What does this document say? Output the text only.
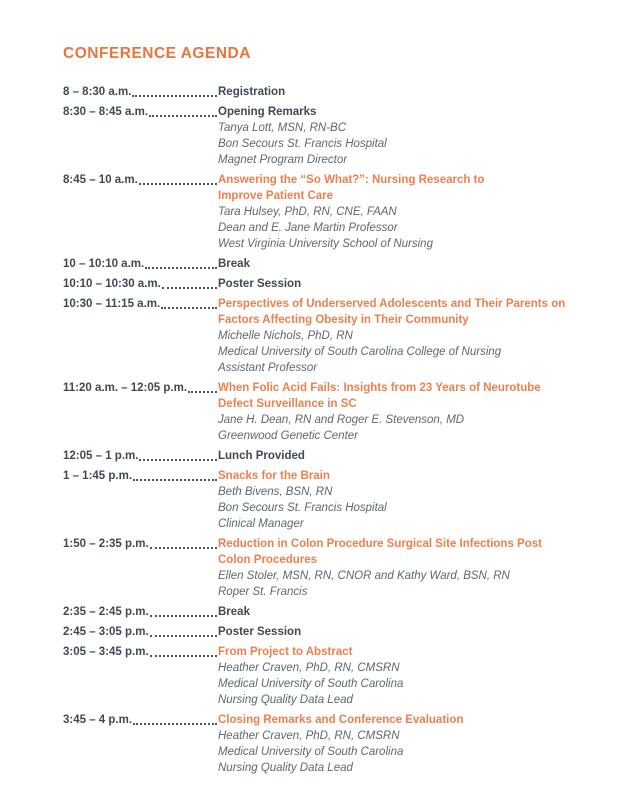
CONFERENCE AGENDA
8 – 8:30 a.m.	Registration
8:30 – 8:45 a.m.	Opening Remarks
Tanya Lott, MSN, RN-BC
Bon Secours St. Francis Hospital
Magnet Program Director
8:45 – 10 a.m.	Answering the “So What?”: Nursing Research to
Improve Patient Care
Tara Hulsey, PhD, RN, CNE, FAAN
Dean and E. Jane Martin Professor
West Virginia University School of Nursing
10 – 10:10 a.m.	Break
10:10 – 10:30 a.m.	Poster Session
10:30 – 11:15 a.m.	Perspectives of Underserved Adolescents and Their Parents on
Factors Affecting Obesity in Their Community
Michelle Nichols, PhD, RN
Medical University of South Carolina College of Nursing
Assistant Professor
11:20 a.m. – 12:05 p.m.	When Folic Acid Fails: Insights from 23 Years of Neurotube
Defect Surveillance in SC
Jane H. Dean, RN and Roger E. Stevenson, MD
Greenwood Genetic Center
12:05 – 1 p.m.	Lunch Provided
1 – 1:45 p.m.	Snacks for the Brain
Beth Bivens, BSN, RN
Bon Secours St. Francis Hospital
Clinical Manager
1:50 – 2:35 p.m.	Reduction in Colon Procedure Surgical Site Infections Post
Colon Procedures
Ellen Stoler, MSN, RN, CNOR and Kathy Ward, BSN, RN
Roper St. Francis
2:35 – 2:45 p.m.	Break
2:45 – 3:05 p.m.	Poster Session
3:05 – 3:45 p.m.	From Project to Abstract
Heather Craven, PhD, RN, CMSRN
Medical University of South Carolina
Nursing Quality Data Lead
3:45 – 4 p.m.	Closing Remarks and Conference Evaluation
Heather Craven, PhD, RN, CMSRN
Medical University of South Carolina
Nursing Quality Data Lead
